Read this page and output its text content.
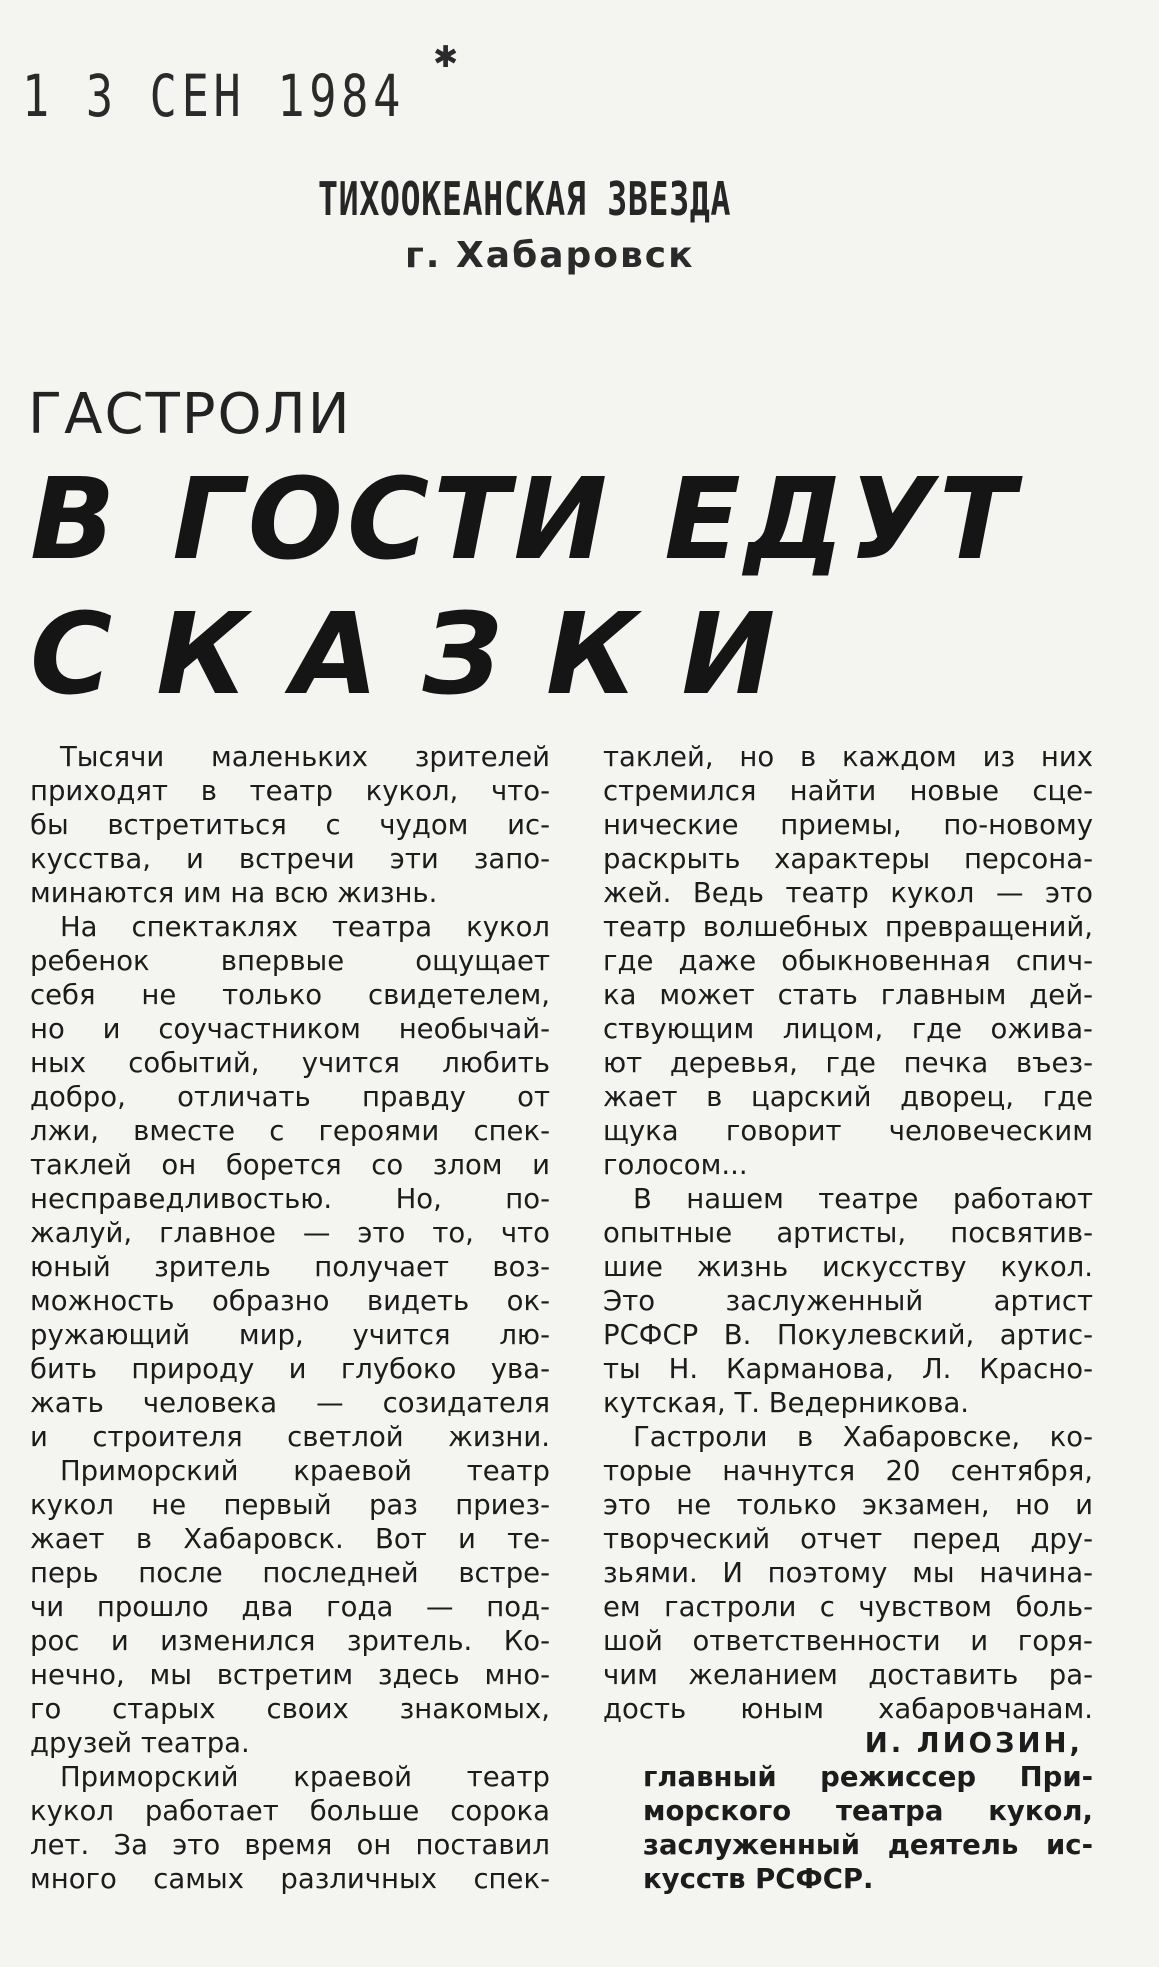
1 3 СЕН 1984
✱
ТИХООКЕАНСКАЯ ЗВЕЗДА
г. Хабаровск
ГАСТРОЛИ
В ГОСТИ ЕДУТ
СКАЗКИ
Тысячи маленьких зрителей
приходят в театр кукол, что-
бы встретиться с чудом ис-
кусства, и встречи эти запо-
минаются им на всю жизнь.
На спектаклях театра кукол
ребенок впервые ощущает
себя не только свидетелем,
но и соучастником необычай-
ных событий, учится любить
добро, отличать правду от
лжи, вместе с героями спек-
таклей он борется со злом и
несправедливостью. Но, по-
жалуй, главное — это то, что
юный зритель получает воз-
можность образно видеть ок-
ружающий мир, учится лю-
бить природу и глубоко ува-
жать человека — созидателя
и строителя светлой жизни.
Приморский краевой театр
кукол не первый раз приез-
жает в Хабаровск. Вот и те-
перь после последней встре-
чи прошло два года — под-
рос и изменился зритель. Ко-
нечно, мы встретим здесь мно-
го старых своих знакомых,
друзей театра.
Приморский краевой театр
кукол работает больше сорока
лет. За это время он поставил
много самых различных спек-
таклей, но в каждом из них
стремился найти новые сце-
нические приемы, по-новому
раскрыть характеры персона-
жей. Ведь театр кукол — это
театр волшебных превращений,
где даже обыкновенная спич-
ка может стать главным дей-
ствующим лицом, где ожива-
ют деревья, где печка въез-
жает в царский дворец, где
щука говорит человеческим
голосом...
В нашем театре работают
опытные артисты, посвятив-
шие жизнь искусству кукол.
Это заслуженный артист
РСФСР В. Покулевский, артис-
ты Н. Карманова, Л. Красно-
кутская, Т. Ведерникова.
Гастроли в Хабаровске, ко-
торые начнутся 20 сентября,
это не только экзамен, но и
творческий отчет перед дру-
зьями. И поэтому мы начина-
ем гастроли с чувством боль-
шой ответственности и горя-
чим желанием доставить ра-
дость юным хабаровчанам.
И. ЛИОЗИН,
главный режиссер При-
морского театра кукол,
заслуженный деятель ис-
кусств РСФСР.
